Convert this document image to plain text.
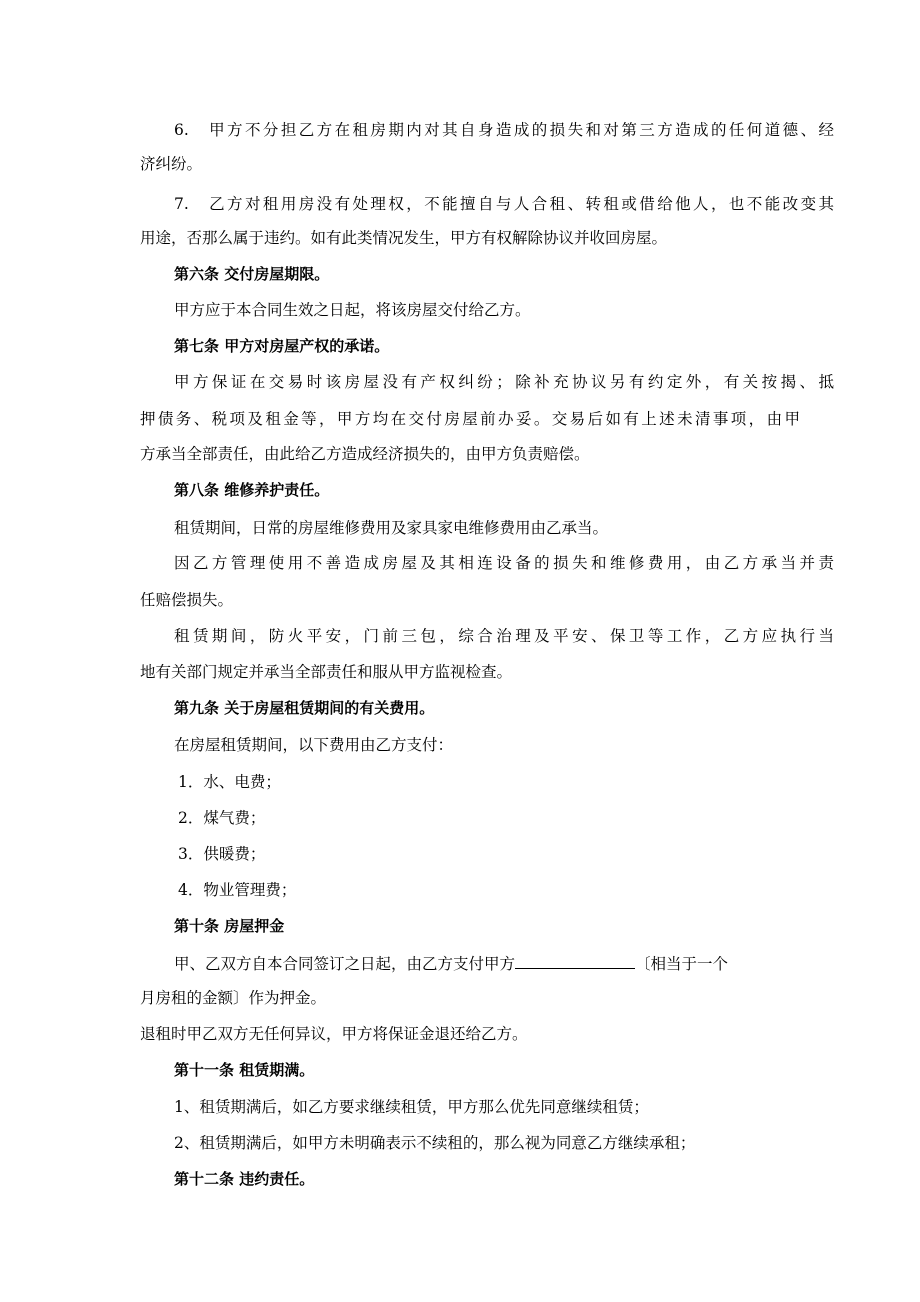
6.　甲方不分担乙方在租房期内对其自身造成的损失和对第三方造成的任何道德、经
济纠纷。
7.　乙方对租用房没有处理权，不能擅自与人合租、转租或借给他人，也不能改变其
用途，否那么属于违约。如有此类情况发生，甲方有权解除协议并收回房屋。
第六条 交付房屋期限。
甲方应于本合同生效之日起，将该房屋交付给乙方。
第七条 甲方对房屋产权的承诺。
甲方保证在交易时该房屋没有产权纠纷；除补充协议另有约定外，有关按揭、抵
押债务、税项及租金等，甲方均在交付房屋前办妥。交易后如有上述未清事项，由甲
方承当全部责任，由此给乙方造成经济损失的，由甲方负责赔偿。
第八条 维修养护责任。
租赁期间，日常的房屋维修费用及家具家电维修费用由乙承当。
因乙方管理使用不善造成房屋及其相连设备的损失和维修费用，由乙方承当并责
任赔偿损失。
租赁期间，防火平安，门前三包，综合治理及平安、保卫等工作，乙方应执行当
地有关部门规定并承当全部责任和服从甲方监视检查。
第九条 关于房屋租赁期间的有关费用。
在房屋租赁期间，以下费用由乙方支付：
1．水、电费；
2．煤气费；
3．供暖费；
4．物业管理费；
第十条 房屋押金
甲、乙双方自本合同签订之日起，由乙方支付甲方	〔相当于一个
月房租的金额〕作为押金。
退租时甲乙双方无任何异议，甲方将保证金退还给乙方。
第十一条 租赁期满。
1、租赁期满后，如乙方要求继续租赁，甲方那么优先同意继续租赁；
2、租赁期满后，如甲方未明确表示不续租的，那么视为同意乙方继续承租；
第十二条 违约责任。
